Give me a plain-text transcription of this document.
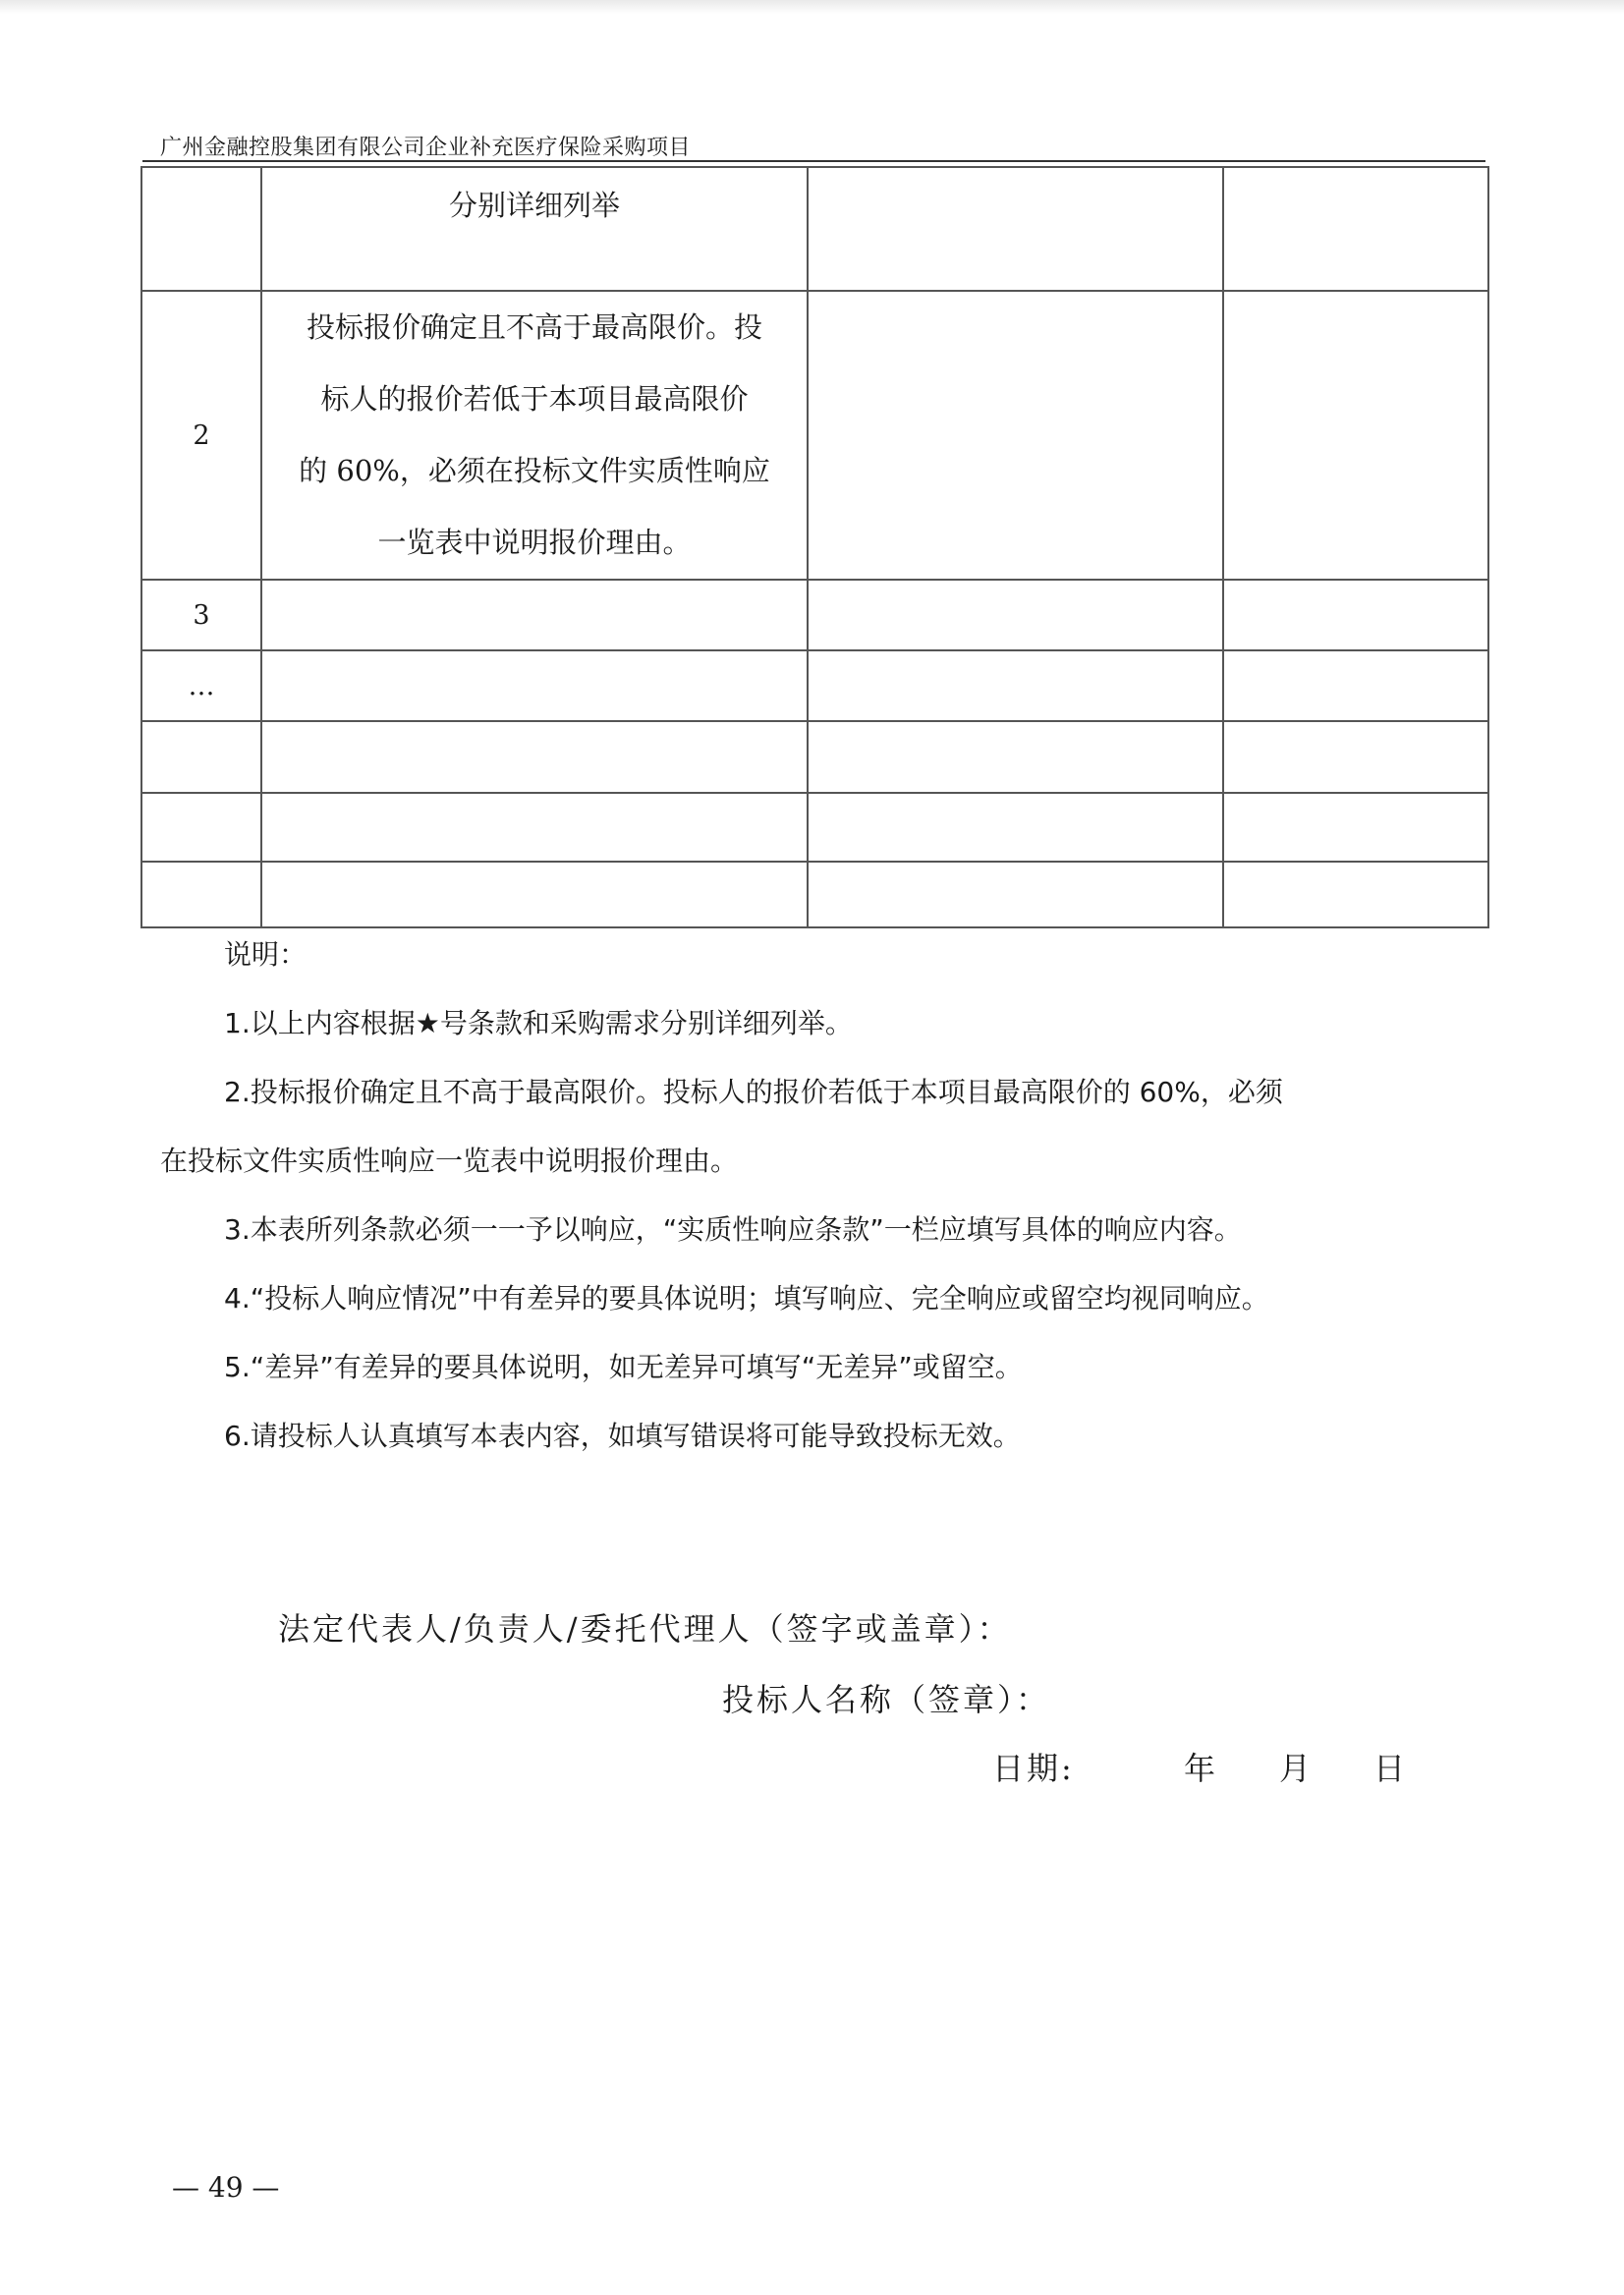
广州金融控股集团有限公司企业补充医疗保险采购项目
	分别详细列举		
2	投标报价确定且不高于最高限价。投
标人的报价若低于本项目最高限价
的 60%，必须在投标文件实质性响应
一览表中说明报价理由。		

3			
…			

说明：

1.以上内容根据★号条款和采购需求分别详细列举。

2.投标报价确定且不高于最高限价。投标人的报价若低于本项目最高限价的 60%，必须

在投标文件实质性响应一览表中说明报价理由。

3.本表所列条款必须一一予以响应，“实质性响应条款”一栏应填写具体的响应内容。

4.“投标人响应情况”中有差异的要具体说明；填写响应、完全响应或留空均视同响应。

5.“差异”有差异的要具体说明，如无差异可填写“无差异”或留空。

6.请投标人认真填写本表内容，如填写错误将可能导致投标无效。

法定代表人/负责人/委托代理人（签字或盖章）：
投标人名称（签章）：
日期:	年 月 日
— 49 —
